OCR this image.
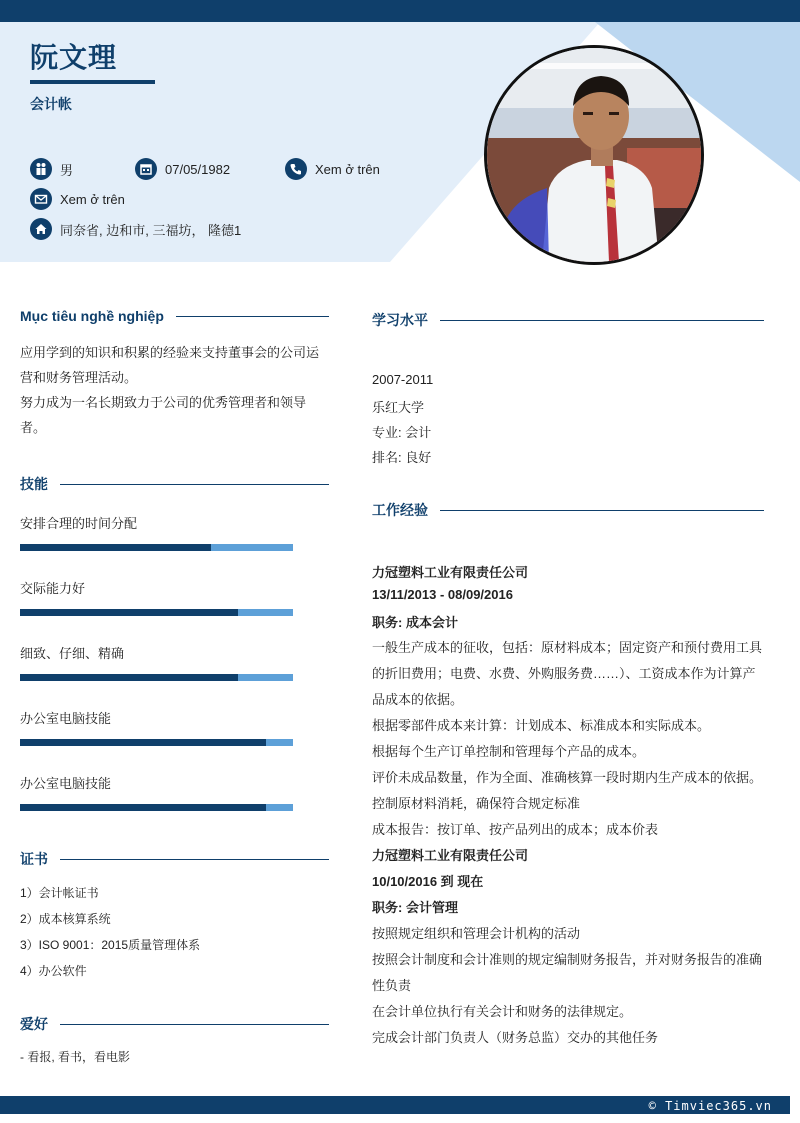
阮文理
会计帐
男	07/05/1982	Xem ở trên
Xem ở trên
同奈省, 边和市, 三福坊， 隆德1
Mục tiêu nghề nghiệp
应用学到的知识和积累的经验来支持董事会的公司运
营和财务管理活动。
努力成为一名长期致力于公司的优秀管理者和领导
者。
技能
安排合理的时间分配
交际能力好
细致、仔细、精确
办公室电脑技能
办公室电脑技能
证书
1）会计帐证书
2）成本核算系统
3）ISO 9001：2015质量管理体系
4）办公软件
爱好
- 看报, 看书，看电影
学习水平
2007-2011
乐红大学
专业: 会计
排名: 良好
工作经验
力冠塑料工业有限责任公司
13/11/2013 - 08/09/2016
职务: 成本会计
一般生产成本的征收，包括：原材料成本；固定资产和预付费用工具
的折旧费用；电费、水费、外购服务费……）、工资成本作为计算产
品成本的依据。
根据零部件成本来计算：计划成本、标准成本和实际成本。
根据每个生产订单控制和管理每个产品的成本。
评价未成品数量，作为全面、准确核算一段时期内生产成本的依据。
控制原材料消耗，确保符合规定标准
成本报告：按订单、按产品列出的成本；成本价表
力冠塑料工业有限责任公司
10/10/2016 到 现在
职务: 会计管理
按照规定组织和管理会计机构的活动
按照会计制度和会计准则的规定编制财务报告，并对财务报告的准确
性负责
在会计单位执行有关会计和财务的法律规定。
完成会计部门负责人（财务总监）交办的其他任务
© Timviec365.vn
